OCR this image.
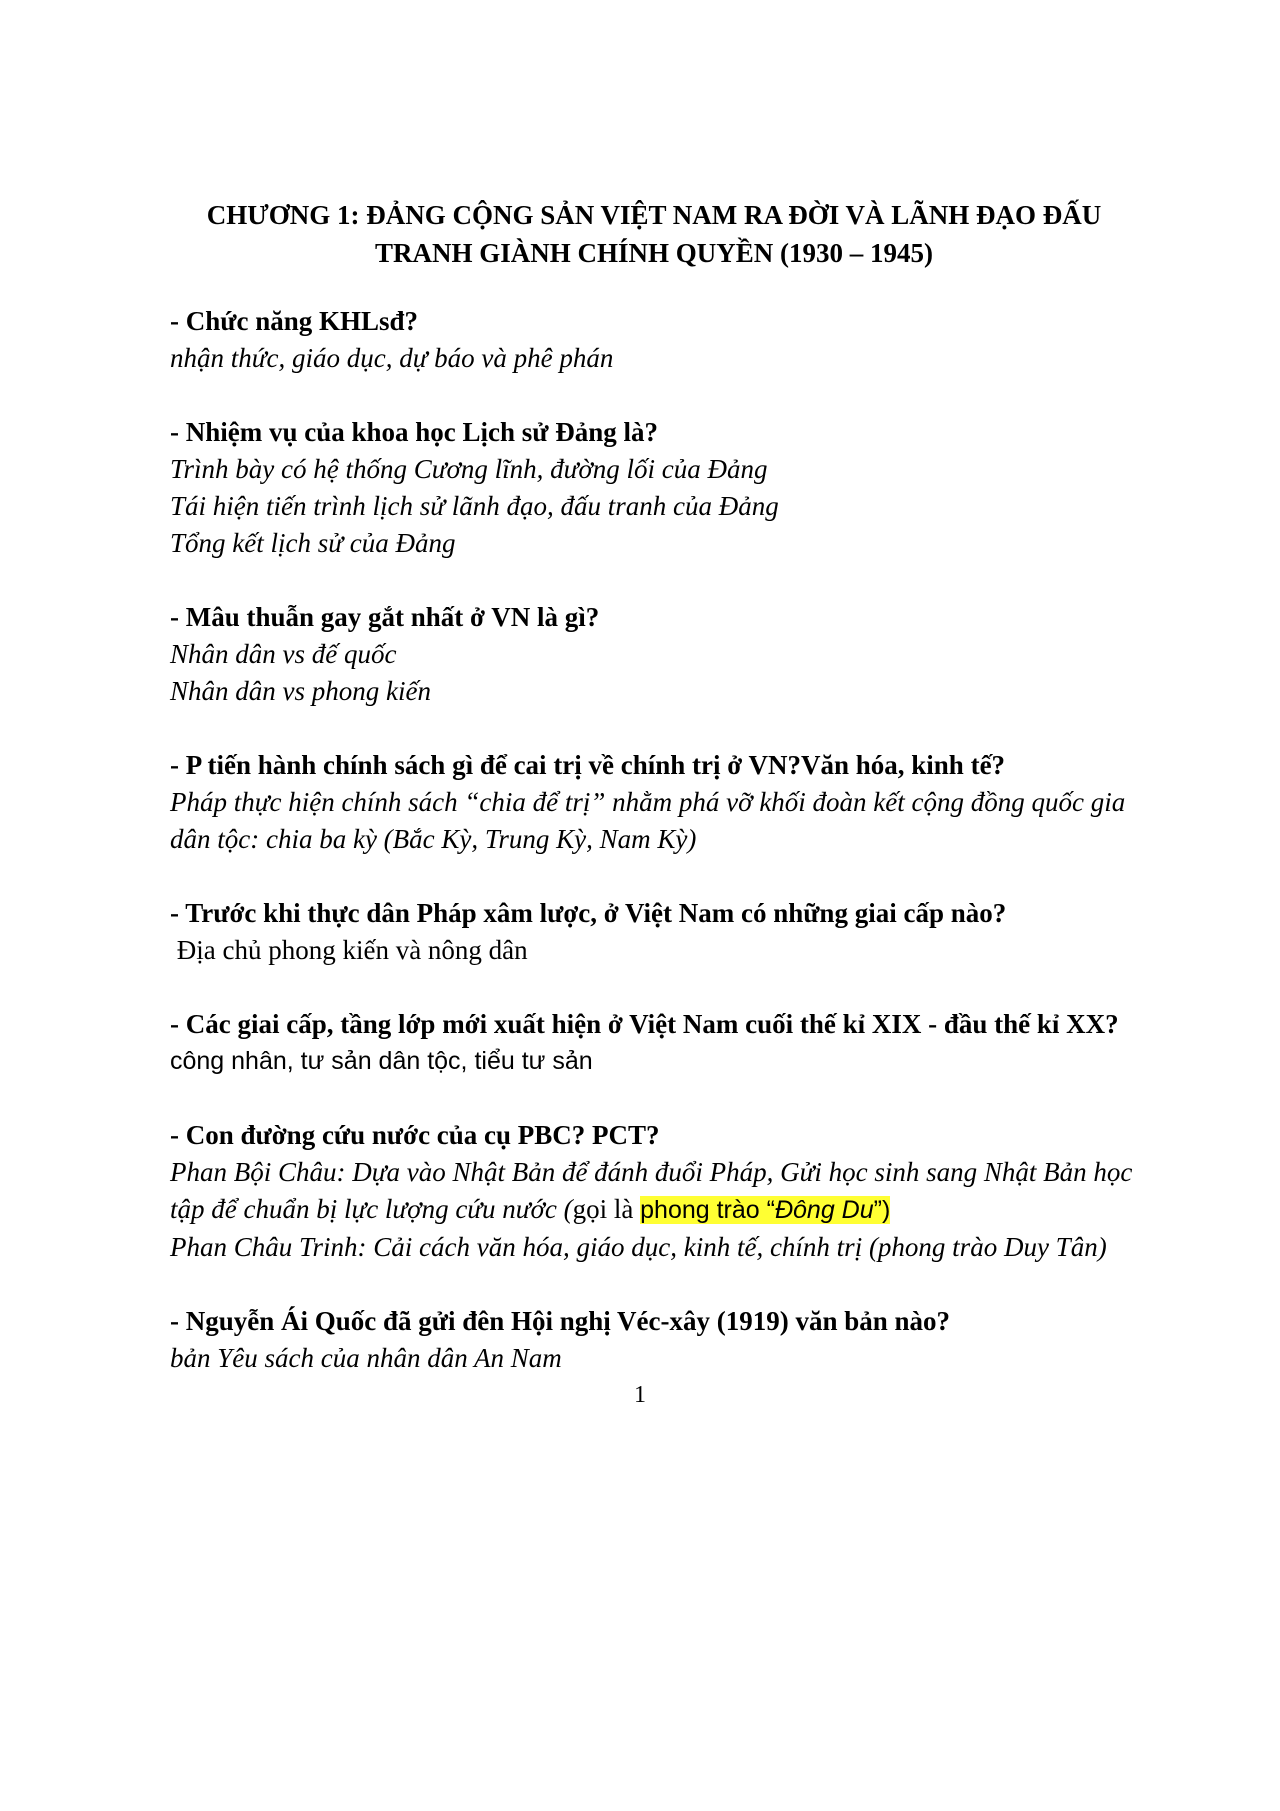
CHƯƠNG 1: ĐẢNG CỘNG SẢN VIỆT NAM RA ĐỜI VÀ LÃNH ĐẠO ĐẤU
TRANH GIÀNH CHÍNH QUYỀN (1930 – 1945)

- Chức năng KHLsđ?

nhận thức, giáo dục, dự báo và phê phán

- Nhiệm vụ của khoa học Lịch sử Đảng là?

Trình bày có hệ thống Cương lĩnh, đường lối của Đảng

Tái hiện tiến trình lịch sử lãnh đạo, đấu tranh của Đảng

Tổng kết lịch sử của Đảng

- Mâu thuẫn gay gắt nhất ở VN là gì?

Nhân dân vs đế quốc

Nhân dân vs phong kiến

- P tiến hành chính sách gì để cai trị về chính trị ở VN?Văn hóa, kinh tế?

Pháp thực hiện chính sách “chia để trị” nhằm phá vỡ khối đoàn kết cộng đồng quốc gia

dân tộc: chia ba kỳ (Bắc Kỳ, Trung Kỳ, Nam Kỳ)

- Trước khi thực dân Pháp xâm lược, ở Việt Nam có những giai cấp nào?

Địa chủ phong kiến và nông dân

- Các giai cấp, tầng lớp mới xuất hiện ở Việt Nam cuối thế kỉ XIX - đầu thế kỉ XX?

công nhân, tư sản dân tộc, tiểu tư sản

- Con đường cứu nước của cụ PBC? PCT?

Phan Bội Châu: Dựa vào Nhật Bản để đánh đuổi Pháp, Gửi học sinh sang Nhật Bản học

tập để chuẩn bị lực lượng cứu nước (gọi là phong trào “Đông Du”)

Phan Châu Trinh: Cải cách văn hóa, giáo dục, kinh tế, chính trị (phong trào Duy Tân)

- Nguyễn Ái Quốc đã gửi đên Hội nghị Véc-xây (1919) văn bản nào?

bản Yêu sách của nhân dân An Nam

1
